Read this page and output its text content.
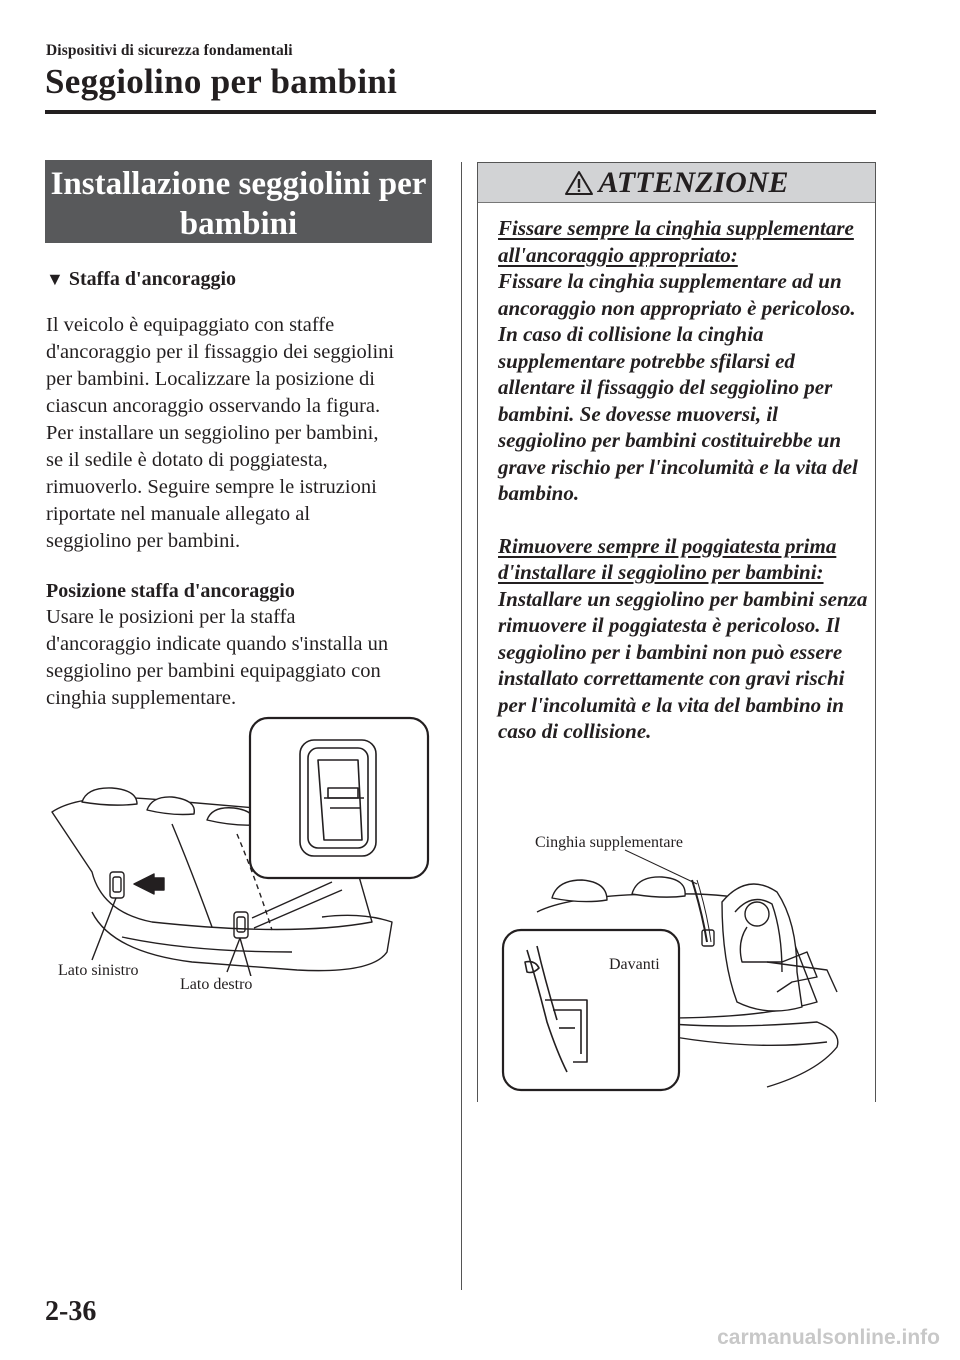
Dispositivi di sicurezza fondamentali
Seggiolino per bambini
Installazione seggiolini per bambini
▼ Staffa d'ancoraggio
Il veicolo è equipaggiato con staffe
d'ancoraggio per il fissaggio dei seggiolini
per bambini. Localizzare la posizione di
ciascun ancoraggio osservando la figura.
Per installare un seggiolino per bambini,
se il sedile è dotato di poggiatesta,
rimuoverlo. Seguire sempre le istruzioni
riportate nel manuale allegato al
seggiolino per bambini.
Posizione staffa d'ancoraggio
Usare le posizioni per la staffa
d'ancoraggio indicate quando s'installa un
seggiolino per bambini equipaggiato con
cinghia supplementare.
Lato sinistro
Lato destro
ATTENZIONE
Fissare sempre la cinghia supplementare all'ancoraggio appropriato:
Fissare la cinghia supplementare ad un ancoraggio non appropriato è pericoloso. In caso di collisione la cinghia supplementare potrebbe sfilarsi ed allentare il fissaggio del seggiolino per bambini. Se dovesse muoversi, il seggiolino per bambini costituirebbe un grave rischio per l'incolumità e la vita del bambino.
Rimuovere sempre il poggiatesta prima d'installare il seggiolino per bambini:
Installare un seggiolino per bambini senza rimuovere il poggiatesta è pericoloso. Il seggiolino per i bambini non può essere installato correttamente con gravi rischi per l'incolumità e la vita del bambino in caso di collisione.
Cinghia supplementare
Davanti
2-36
carmanualsonline.info
